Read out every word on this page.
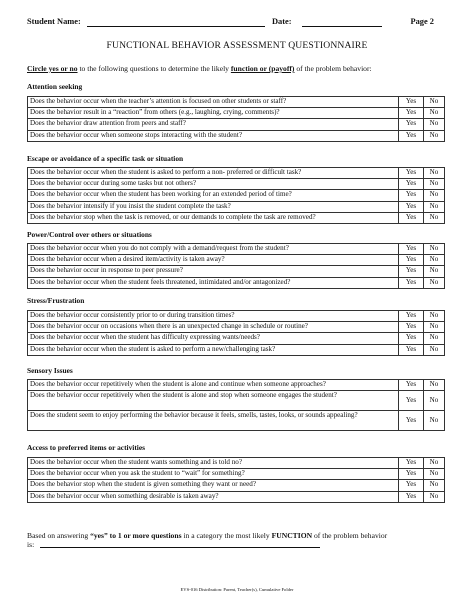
Student Name:	Date:	Page 2
FUNCTIONAL BEHAVIOR ASSESSMENT QUESTIONNAIRE
Circle yes or no to the following questions to determine the likely function or (payoff) of the problem behavior:
Attention seeking
Does the behavior occur when the teacher’s attention is focused on other students or staff?	Yes	No
Does the behavior result in a “reaction” from others (e.g., laughing, crying, comments)?	Yes	No
Does the behavior draw attention from peers and staff?	Yes	No
Does the behavior occur when someone stops interacting with the student?	Yes	No
Escape or avoidance of a specific task or situation
Does the behavior occur when the student is asked to perform a non- preferred or difficult task?	Yes	No
Does the behavior occur during some tasks but not others?	Yes	No
Does the behavior occur when the student has been working for an extended period of time?	Yes	No
Does the behavior intensify if you insist the student complete the task?	Yes	No
Does the behavior stop when the task is removed, or our demands to complete the task are removed?	Yes	No
Power/Control over others or situations
Does the behavior occur when you do not comply with a demand/request from the student?	Yes	No
Does the behavior occur when a desired item/activity is taken away?	Yes	No
Does the behavior occur in response to peer pressure?	Yes	No
Does the behavior occur when the student feels threatened, intimidated and/or antagonized?	Yes	No
Stress/Frustration
Does the behavior occur consistently prior to or during transition times?	Yes	No
Does the behavior occur on occasions when there is an unexpected change in schedule or routine?	Yes	No
Does the behavior occur when the student has difficulty expressing wants/needs?	Yes	No
Does the behavior occur when the student is asked to perform a new/challenging task?	Yes	No
Sensory Issues
Does the behavior occur repetitively when the student is alone and continue when someone approaches?	Yes	No
Does the behavior occur repetitively when the student is alone and stop when someone engages the student?	Yes	No
Does the student seem to enjoy performing the behavior because it feels, smells, tastes, looks, or sounds appealing?	Yes	No
Access to preferred items or activities
Does the behavior occur when the student wants something and is told no?	Yes	No
Does the behavior occur when you ask the student to “wait” for something?	Yes	No
Does the behavior stop when the student is given something they want or need?	Yes	No
Does the behavior occur when something desirable is taken away?	Yes	No
Based on answering “yes” to 1 or more questions in a category the most likely FUNCTION of the problem behavior
is:
EVS-016 Distribution: Parent, Teacher(s), Cumulative Folder
